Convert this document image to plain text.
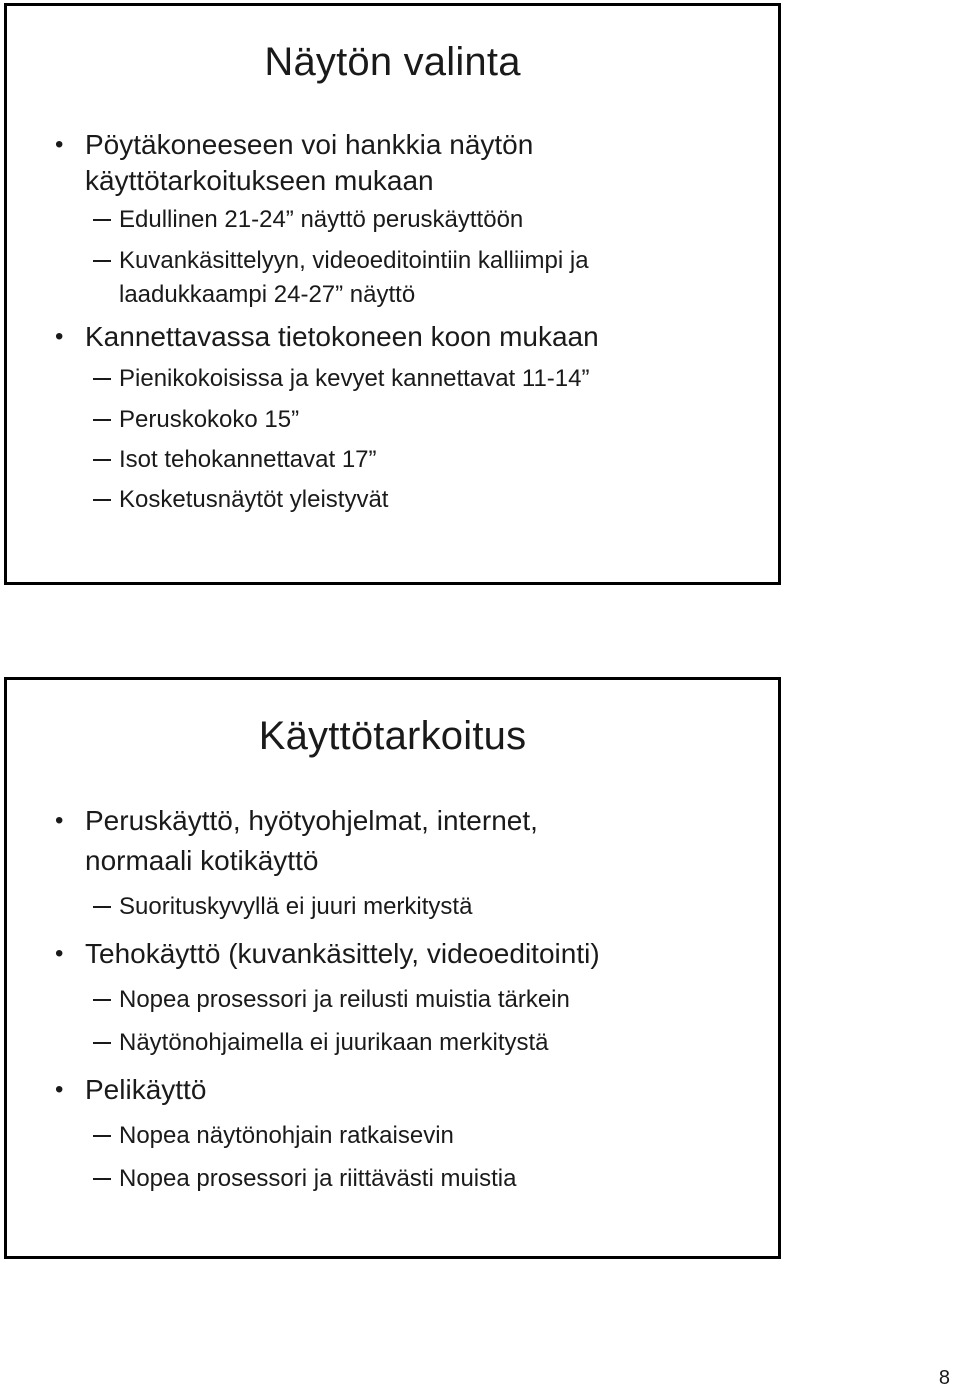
Näytön valinta
• Pöytäkoneeseen voi hankkia näytön
käyttötarkoitukseen mukaan
Edullinen 21-24” näyttö peruskäyttöön
Kuvankäsittelyyn, videoeditointiin kalliimpi ja
laadukkaampi 24-27” näyttö
• Kannettavassa tietokoneen koon mukaan
Pienikokoisissa ja kevyet kannettavat 11-14”
Peruskokoko 15”
Isot tehokannettavat 17”
Kosketusnäytöt yleistyvät
Käyttötarkoitus
• Peruskäyttö, hyötyohjelmat, internet,
normaali kotikäyttö
Suorituskyvyllä ei juuri merkitystä
• Tehokäyttö (kuvankäsittely, videoeditointi)
Nopea prosessori ja reilusti muistia tärkein
Näytönohjaimella ei juurikaan merkitystä
• Pelikäyttö
Nopea näytönohjain ratkaisevin
Nopea prosessori ja riittävästi muistia
8
